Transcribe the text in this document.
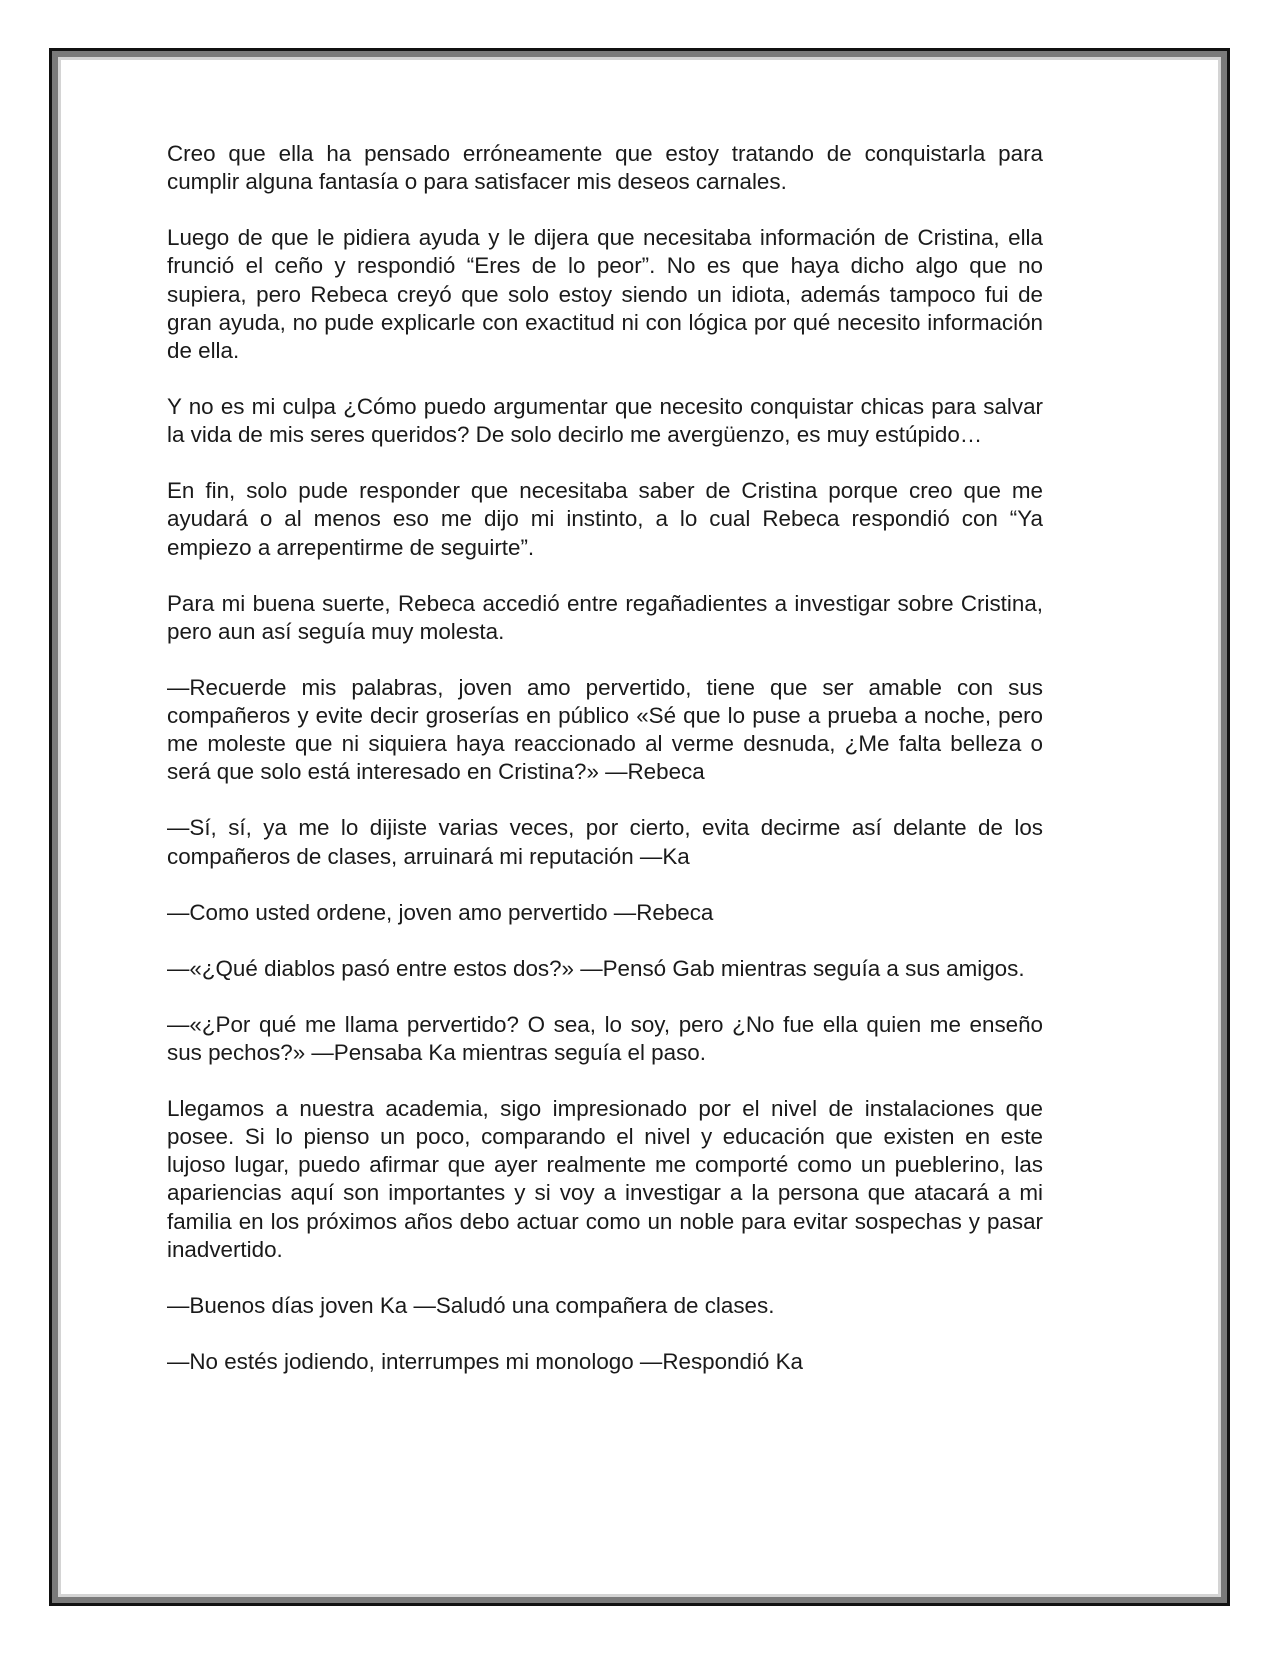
Creo que ella ha pensado erróneamente que estoy tratando de conquistarla para cumplir alguna fantasía o para satisfacer mis deseos carnales.

Luego de que le pidiera ayuda y le dijera que necesitaba información de Cristina, ella frunció el ceño y respondió “Eres de lo peor”. No es que haya dicho algo que no supiera, pero Rebeca creyó que solo estoy siendo un idiota, además tampoco fui de gran ayuda, no pude explicarle con exactitud ni con lógica por qué necesito información de ella.

Y no es mi culpa ¿Cómo puedo argumentar que necesito conquistar chicas para salvar la vida de mis seres queridos? De solo decirlo me avergüenzo, es muy estúpido…

En fin, solo pude responder que necesitaba saber de Cristina porque creo que me ayudará o al menos eso me dijo mi instinto, a lo cual Rebeca respondió con “Ya empiezo a arrepentirme de seguirte”.

Para mi buena suerte, Rebeca accedió entre regañadientes a investigar sobre Cristina, pero aun así seguía muy molesta.

—Recuerde mis palabras, joven amo pervertido, tiene que ser amable con sus compañeros y evite decir groserías en público «Sé que lo puse a prueba a noche, pero me moleste que ni siquiera haya reaccionado al verme desnuda, ¿Me falta belleza o será que solo está interesado en Cristina?» —Rebeca

—Sí, sí, ya me lo dijiste varias veces, por cierto, evita decirme así delante de los compañeros de clases, arruinará mi reputación —Ka

—Como usted ordene, joven amo pervertido —Rebeca

—«¿Qué diablos pasó entre estos dos?» —Pensó Gab mientras seguía a sus amigos.

—«¿Por qué me llama pervertido? O sea, lo soy, pero ¿No fue ella quien me enseño sus pechos?» —Pensaba Ka mientras seguía el paso.

Llegamos a nuestra academia, sigo impresionado por el nivel de instalaciones que posee. Si lo pienso un poco, comparando el nivel y educación que existen en este lujoso lugar, puedo afirmar que ayer realmente me comporté como un pueblerino, las apariencias aquí son importantes y si voy a investigar a la persona que atacará a mi familia en los próximos años debo actuar como un noble para evitar sospechas y pasar inadvertido.

—Buenos días joven Ka —Saludó una compañera de clases.

—No estés jodiendo, interrumpes mi monologo —Respondió Ka
